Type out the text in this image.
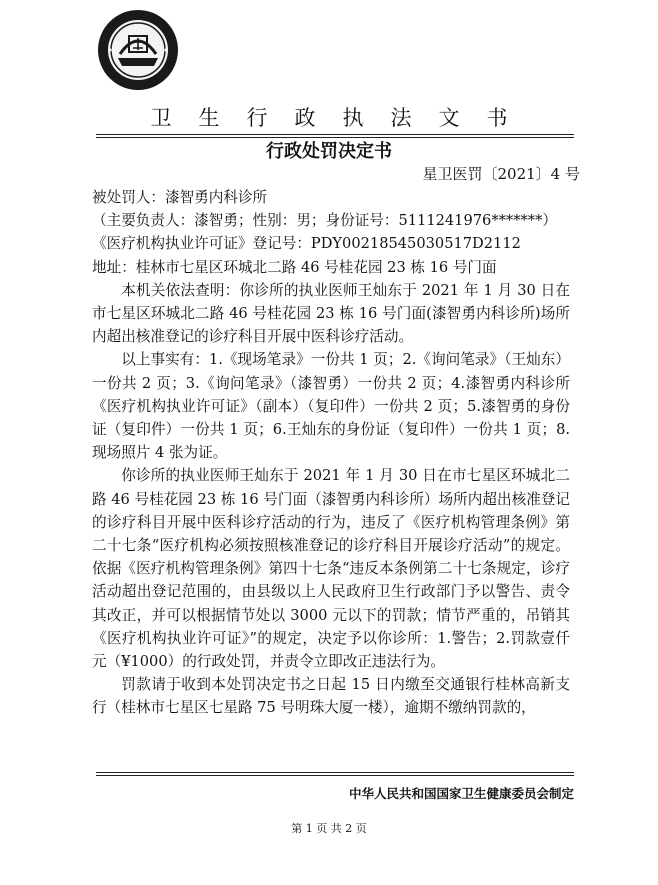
卫生行政执法文书
行政处罚决定书
星卫医罚〔2021〕4 号

被处罚人：漆智勇内科诊所

（主要负责人：漆智勇；性别：男；身份证号：5111241976*******）

《医疗机构执业许可证》登记号：PDY00218545030517D2112

地址：桂林市七星区环城北二路 46 号桂花园 23 栋 16 号门面

本机关依法查明：你诊所的执业医师王灿东于 2021 年 1 月 30 日在市七星区环城北二路 46 号桂花园 23 栋 16 号门面(漆智勇内科诊所)场所内超出核准登记的诊疗科目开展中医科诊疗活动。

以上事实有：1.《现场笔录》一份共 1 页；2.《询问笔录》（王灿东）一份共 2 页；3.《询问笔录》（漆智勇）一份共 2 页；4.漆智勇内科诊所《医疗机构执业许可证》（副本）（复印件）一份共 2 页；5.漆智勇的身份证（复印件）一份共 1 页；6.王灿东的身份证（复印件）一份共 1 页；8.现场照片 4 张为证。

你诊所的执业医师王灿东于 2021 年 1 月 30 日在市七星区环城北二路 46 号桂花园 23 栋 16 号门面（漆智勇内科诊所）场所内超出核准登记的诊疗科目开展中医科诊疗活动的行为，违反了《医疗机构管理条例》第二十七条“医疗机构必须按照核准登记的诊疗科目开展诊疗活动”的规定。依据《医疗机构管理条例》第四十七条“违反本条例第二十七条规定，诊疗活动超出登记范围的，由县级以上人民政府卫生行政部门予以警告、责令其改正，并可以根据情节处以 3000 元以下的罚款；情节严重的，吊销其《医疗机构执业许可证》”的规定，决定予以你诊所：1.警告；2.罚款壹仟元（¥1000）的行政处罚，并责令立即改正违法行为。

罚款请于收到本处罚决定书之日起 15 日内缴至交通银行桂林高新支行（桂林市七星区七星路 75 号明珠大厦一楼），逾期不缴纳罚款的，

中华人民共和国国家卫生健康委员会制定
第 1 页 共 2 页
